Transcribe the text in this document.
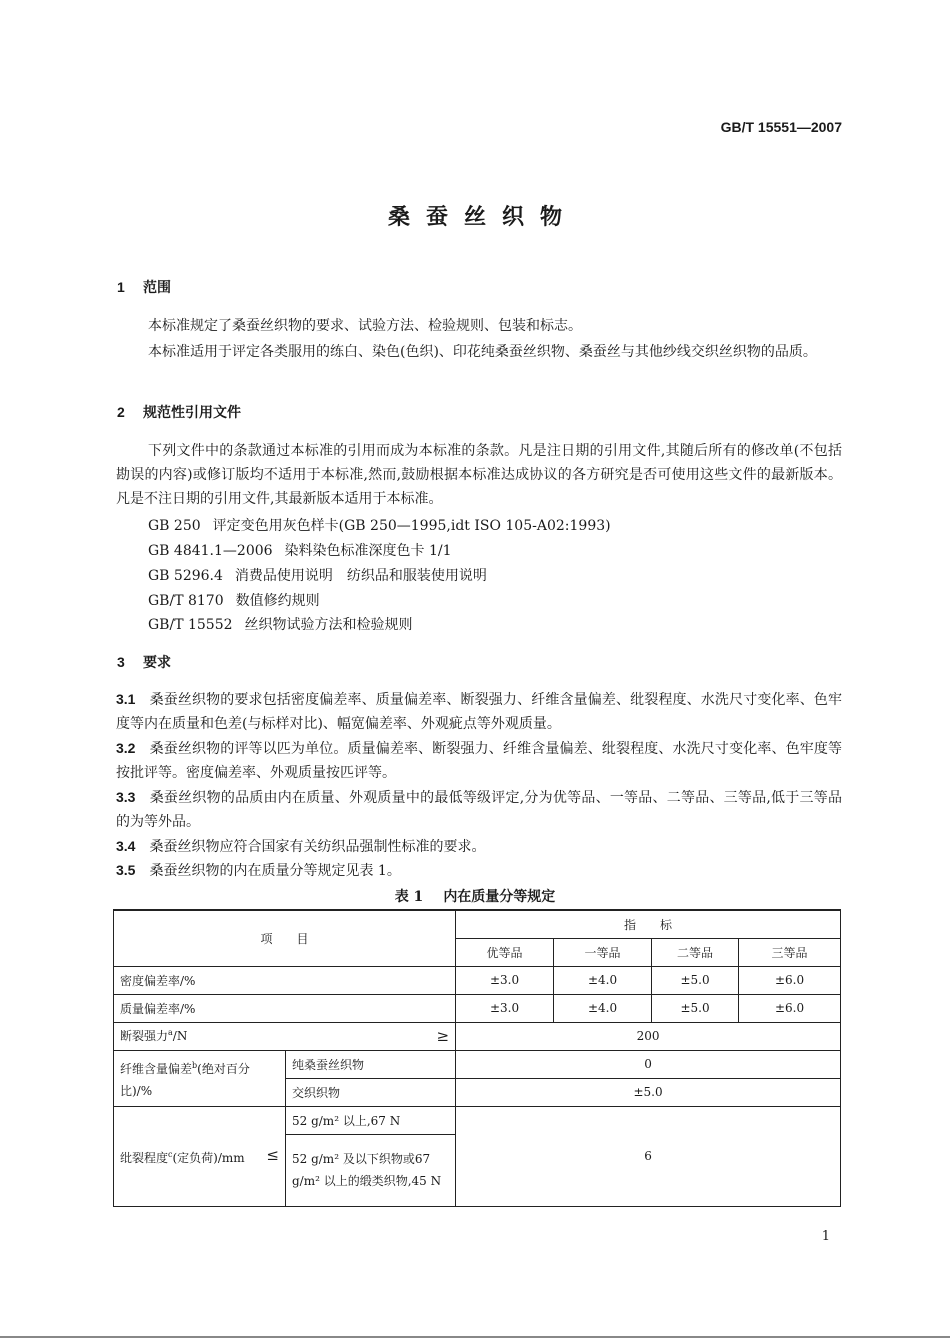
GB/T 15551—2007
桑蚕丝织物
1 范围
本标准规定了桑蚕丝织物的要求、试验方法、检验规则、包装和标志。
本标准适用于评定各类服用的练白、染色(色织)、印花纯桑蚕丝织物、桑蚕丝与其他纱线交织丝织物的品质。
2 规范性引用文件
下列文件中的条款通过本标准的引用而成为本标准的条款。凡是注日期的引用文件,其随后所有的修改单(不包括勘误的内容)或修订版均不适用于本标准,然而,鼓励根据本标准达成协议的各方研究是否可使用这些文件的最新版本。凡是不注日期的引用文件,其最新版本适用于本标准。
GB 250 评定变色用灰色样卡(GB 250—1995,idt ISO 105-A02:1993)
GB 4841.1—2006 染料染色标准深度色卡 1/1
GB 5296.4 消费品使用说明　纺织品和服装使用说明
GB/T 8170 数值修约规则
GB/T 15552 丝织物试验方法和检验规则
3 要求
3.1 桑蚕丝织物的要求包括密度偏差率、质量偏差率、断裂强力、纤维含量偏差、纰裂程度、水洗尺寸变化率、色牢度等内在质量和色差(与标样对比)、幅宽偏差率、外观疵点等外观质量。
3.2 桑蚕丝织物的评等以匹为单位。质量偏差率、断裂强力、纤维含量偏差、纰裂程度、水洗尺寸变化率、色牢度等按批评等。密度偏差率、外观质量按匹评等。
3.3 桑蚕丝织物的品质由内在质量、外观质量中的最低等级评定,分为优等品、一等品、二等品、三等品,低于三等品的为等外品。
3.4 桑蚕丝织物应符合国家有关纺织品强制性标准的要求。
3.5 桑蚕丝织物的内在质量分等规定见表 1。
表 1 内在质量分等规定
项　　目		指　　标			
		优等品	一等品	二等品	三等品
密度偏差率/%		±3.0	±4.0	±5.0	±6.0
质量偏差率/%		±3.0	±4.0	±5.0	±6.0
断裂强力$^a$/N ≥		200			
纤维含量偏差$^b$(绝对百分比)/%	纯桑蚕丝织物	0			
	交织织物	±5.0			
纰裂程度$^c$(定负荷)/mm ≤	52 g/m² 以上,67 N	6			
	52 g/m² 及以下织物或67 g/m² 以上的缎类织物,45 N				
1
